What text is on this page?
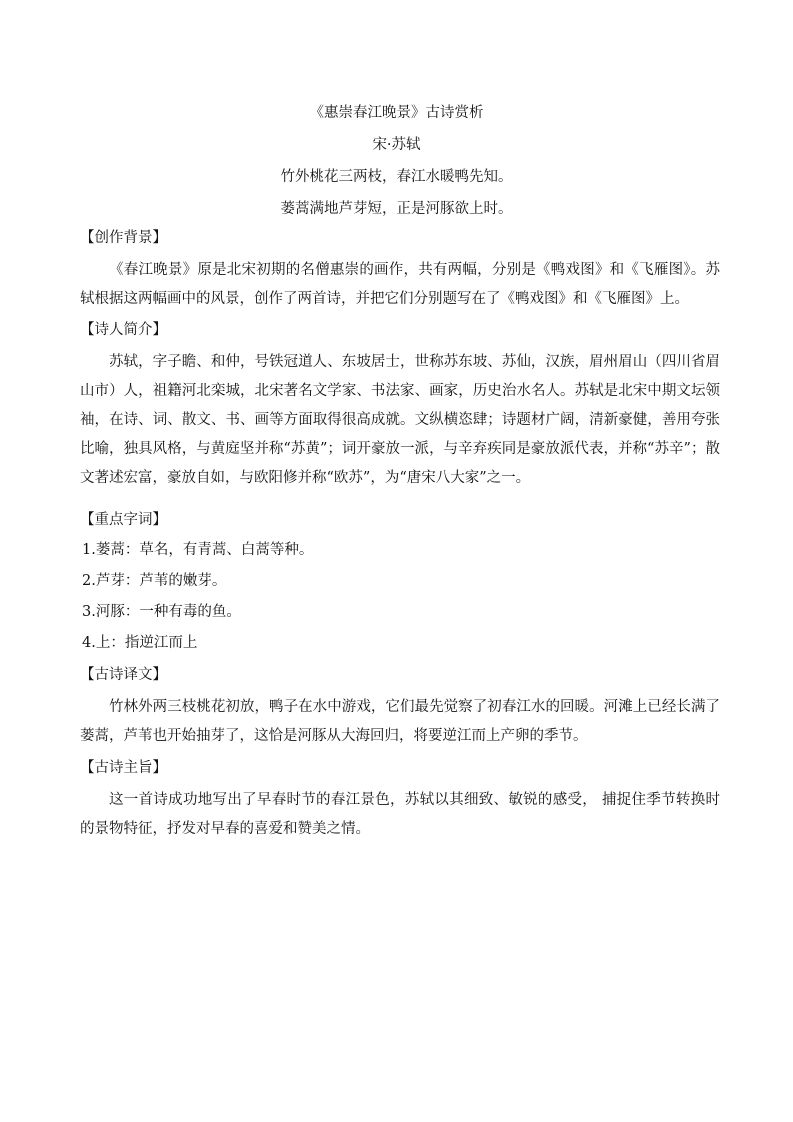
《惠崇春江晚景》古诗赏析
宋·苏轼
竹外桃花三两枝，春江水暖鸭先知。
蒌蒿满地芦芽短，正是河豚欲上时。

【创作背景】

《春江晚景》原是北宋初期的名僧惠崇的画作，共有两幅，分别是《鸭戏图》和《飞雁图》。苏轼根据这两幅画中的风景，创作了两首诗，并把它们分别题写在了《鸭戏图》和《飞雁图》上。

【诗人简介】

苏轼，字子瞻、和仲，号铁冠道人、东坡居士，世称苏东坡、苏仙，汉族，眉州眉山（四川省眉山市）人，祖籍河北栾城，北宋著名文学家、书法家、画家，历史治水名人。苏轼是北宋中期文坛领袖，在诗、词、散文、书、画等方面取得很高成就。文纵横恣肆；诗题材广阔，清新豪健，善用夸张比喻，独具风格，与黄庭坚并称“苏黄”；词开豪放一派，与辛弃疾同是豪放派代表，并称“苏辛”；散文著述宏富，豪放自如，与欧阳修并称“欧苏”，为“唐宋八大家”之一。

【重点字词】

1.蒌蒿：草名，有青蒿、白蒿等种。
2.芦芽：芦苇的嫩芽。
3.河豚：一种有毒的鱼。
4.上：指逆江而上

【古诗译文】

竹林外两三枝桃花初放，鸭子在水中游戏，它们最先觉察了初春江水的回暖。河滩上已经长满了蒌蒿，芦苇也开始抽芽了，这恰是河豚从大海回归，将要逆江而上产卵的季节。

【古诗主旨】

这一首诗成功地写出了早春时节的春江景色，苏轼以其细致、敏锐的感受， 捕捉住季节转换时的景物特征，抒发对早春的喜爱和赞美之情。
